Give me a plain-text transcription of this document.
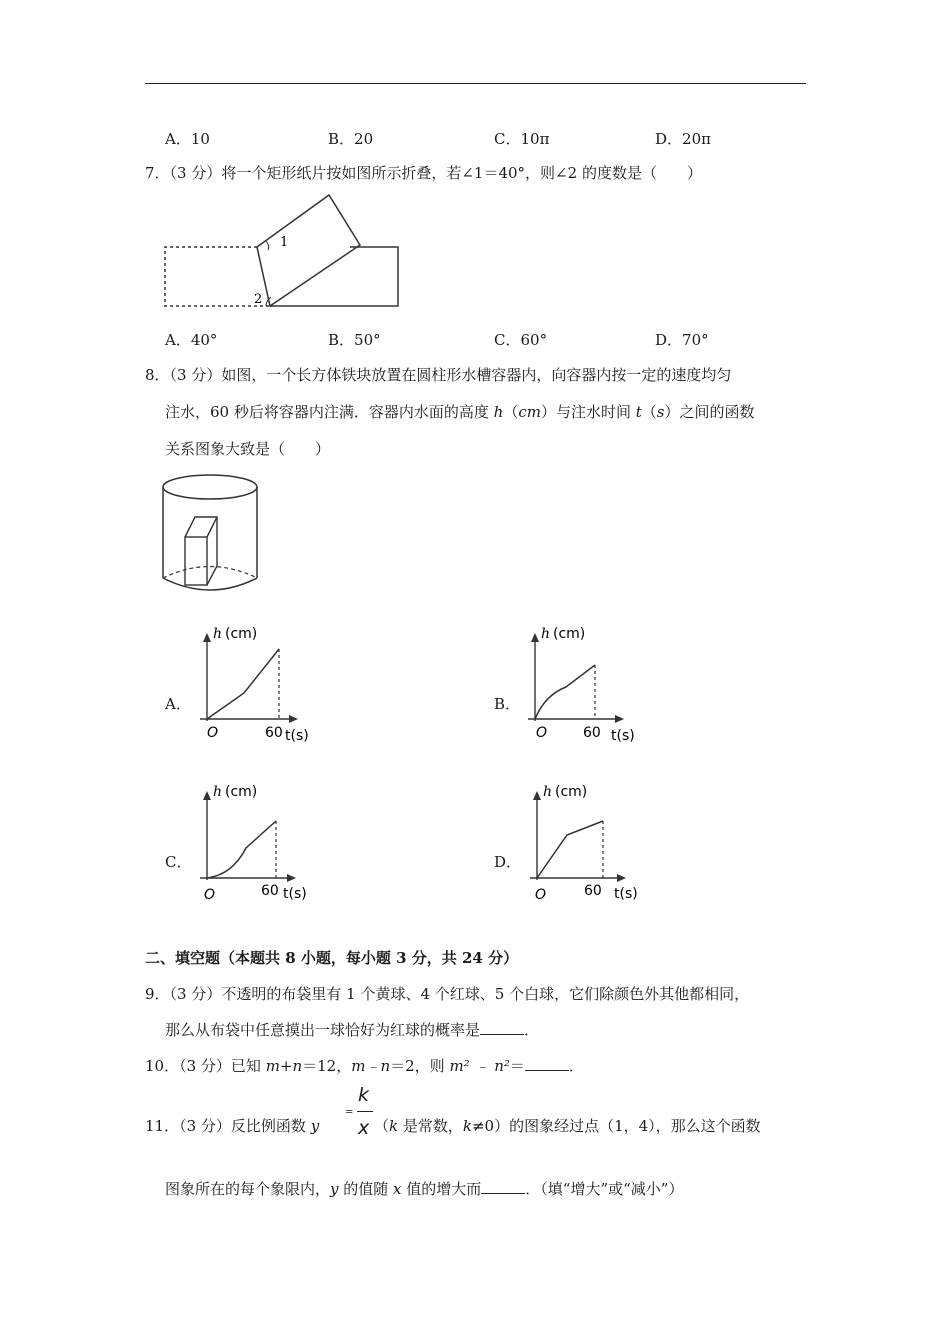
A．10	B．20	C．10π	D．20π
7．（3 分）将一个矩形纸片按如图所示折叠，若∠1＝40°，则∠2 的度数是（　　）
1
2
A．40°	B．50°	C．60°	D．70°
8．（3 分）如图，一个长方体铁块放置在圆柱形水槽容器内，向容器内按一定的速度均匀
注水，60 秒后将容器内注满．容器内水面的高度 h（cm）与注水时间 t（s）之间的函数
关系图象大致是（　　）
A．
h (cm)
O	60 t(s)
B．
h (cm)
O	60 t(s)
C．
h (cm)
O	60 t(s)
D．
h (cm)
O	60 t(s)
二、填空题（本题共 8 小题，每小题 3 分，共 24 分）
9．（3 分）不透明的布袋里有 1 个黄球、4 个红球、5 个白球，它们除颜色外其他都相同，
那么从布袋中任意摸出一球恰好为红球的概率是	．
10．（3 分）已知 m+n＝12，m﹣n＝2，则 m² ﹣ n²＝	．
11．（3 分）反比例函数 y
=
k
x （k 是常数，k≠0）的图象经过点（1，4），那么这个函数
图象所在的每个象限内，y 的值随 x 值的增大而	．（填“增大”或“减小”）
